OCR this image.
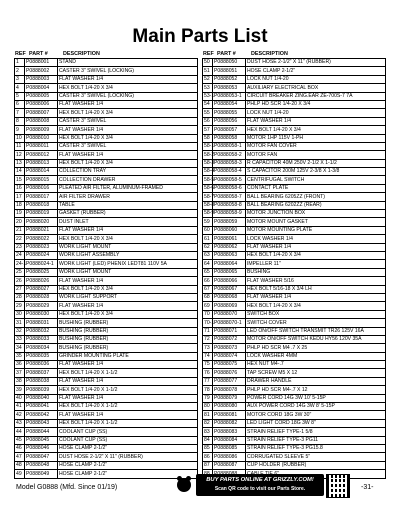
Main Parts List
REF PART #	DESCRIPTION
1	P0888001	STAND
2	P0888002	CASTER 3" SWIVEL (LOCKING)
3	P0888003	FLAT WASHER 1/4
4	P0888004	HEX BOLT 1/4-20 X 3/4
5	P0888005	CASTER 3" SWIVEL (LOCKING)
6	P0888006	FLAT WASHER 1/4
7	P0888007	HEX BOLT 1/4-20 X 3/4
8	P0888008	CASTER 3" SWIVEL
9	P0888009	FLAT WASHER 1/4
10	P0888010	HEX BOLT 1/4-20 X 3/4
11	P0888011	CASTER 3" SWIVEL
12	P0888012	FLAT WASHER 1/4
13	P0888013	HEX BOLT 1/4-20 X 3/4
14	P0888014	COLLECTION TRAY
15	P0888015	COLLECTION DRAWER
16	P0888016	PLEATED AIR FILTER, ALUMINUM-FRAMED
17	P0888017	AIR FILTER DRAWER
18	P0888018	TABLE
19	P0888019	GASKET (RUBBER)
20	P0888020	DUST INLET
21	P0888021	FLAT WASHER 1/4
22	P0888022	HEX BOLT 1/4-20 X 3/4
23	P0888023	WORK LIGHT MOUNT
24	P0888024	WORK LIGHT ASSEMBLY
24-1	P0888024-1	WORK LIGHT (LED) PHENIX LEDT81 110V 5A
25	P0888025	WORK LIGHT MOUNT
26	P0888026	FLAT WASHER 1/4
27	P0888027	HEX BOLT 1/4-20 X 3/4
28	P0888028	WORK LIGHT SUPPORT
29	P0888029	FLAT WASHER 1/4
30	P0888030	HEX BOLT 1/4-20 X 3/4
31	P0888031	BUSHING (RUBBER)
32	P0888032	BUSHING (RUBBER)
33	P0888033	BUSHING (RUBBER)
34	P0888034	BUSHING (RUBBER)
35	P0888035	GRINDER MOUNTING PLATE
36	P0888036	FLAT WASHER 1/4
37	P0888037	HEX BOLT 1/4-20 X 1-1/2
38	P0888038	FLAT WASHER 1/4
39	P0888039	HEX BOLT 1/4-20 X 1-1/2
40	P0888040	FLAT WASHER 1/4
41	P0888041	HEX BOLT 1/4-20 X 1-1/2
42	P0888042	FLAT WASHER 1/4
43	P0888043	HEX BOLT 1/4-20 X 1-1/2
44	P0888044	COOLANT CUP (SS)
45	P0888045	COOLANT CUP (SS)
46	P0888046	HOSE CLAMP 2-1/2"
47	P0888047	DUST HOSE 2-1/2" X 11" (RUBBER)
48	P0888048	HOSE CLAMP 2-1/2"
49	P0888049	HOSE CLAMP 2-1/2"
REF PART #	DESCRIPTION
50	P0888050	DUST HOSE 2-1/2" X 11" (RUBBER)
51	P0888051	HOSE CLAMP 2-1/2"
52	P0888052	LOCK NUT 1/4-20
53	P0888053	AUXILIARY ELECTRICAL BOX
53-1	P0888053-1	CIRCUIT BREAKER ZING.EAR ZE-700S-7 7A
54	P0888054	PHLP HD SCR 1/4-20 X 3/4
55	P0888055	LOCK NUT 1/4-20
56	P0888056	FLAT WASHER 1/4
57	P0888057	HEX BOLT 1/4-20 X 3/4
58	P0888058	MOTOR 1HP 115V 1-PH
58-1	P0888058-1	MOTOR FAN COVER
58-2	P0888058-2	MOTOR FAN
58-3	P0888058-3	R CAPACITOR 40M 250V 2-1/2 X 1-1/2
58-4	P0888058-4	S CAPACITOR 200M 125V 2-3/8 X 1-3/8
58-5	P0888058-5	CENTRIFUGAL SWITCH
58-6	P0888058-6	CONTACT PLATE
58-7	P0888058-7	BALL BEARING 6205ZZ (FRONT)
58-8	P0888058-8	BALL BEARING 6202ZZ (REAR)
58-9	P0888058-9	MOTOR JUNCTION BOX
59	P0888059	MOTOR MOUNT GASKET
60	P0888060	MOTOR MOUNTING PLATE
61	P0888061	LOCK WASHER 1/4
62	P0888062	FLAT WASHER 1/4
63	P0888063	HEX BOLT 1/4-20 X 3/4
64	P0888064	IMPELLER 11"
65	P0888065	BUSHING
66	P0888066	FLAT WASHER 5/16
67	P0888067	HEX BOLT 5/16-18 X 3/4 LH
68	P0888068	FLAT WASHER 1/4
69	P0888069	HEX BOLT 1/4-20 X 3/4
70	P0888070	SWITCH BOX
70-1	P0888070-1	SWITCH COVER
71	P0888071	LED ON/OFF SWITCH TRANSMIT TR26 125V 16A
72	P0888072	MOTOR ON/OFF SWITCH KEDU HY56 120V 35A
73	P0888073	PHLP HD SCR M4 .7 X 25
74	P0888074	LOCK WASHER 4MM
75	P0888075	HEX NUT M4-.7
76	P0888076	TAP SCREW M5 X 12
77	P0888077	DRAWER HANDLE
78	P0888078	PHLP HD SCR M4-.7 X 12
79	P0888079	POWER CORD 14G 3W 10' 5-15P
80	P0888080	AUX POWER CORD 14G 3W 8' 5-15P
81	P0888081	MOTOR CORD 18G 3W 30"
82	P0888082	LED LIGHT CORD 18G 3W 8"
83	P0888083	STRAIN RELIEF TYPE-1 5/8
84	P0888084	STRAIN RELIEF TYPE-3 PG11
85	P0888085	STRAIN RELIEF TYPE-3 PG15.8
86	P0888086	CORRUGATED SLEEVE 5"
87	P0888087	CUP HOLDER (RUBBER)

Model G0888 (Mfd. Since 01/19)
BUY PARTS ONLINE AT GRIZZLY.COM!
Scan QR code to visit our Parts Store.	-31-
